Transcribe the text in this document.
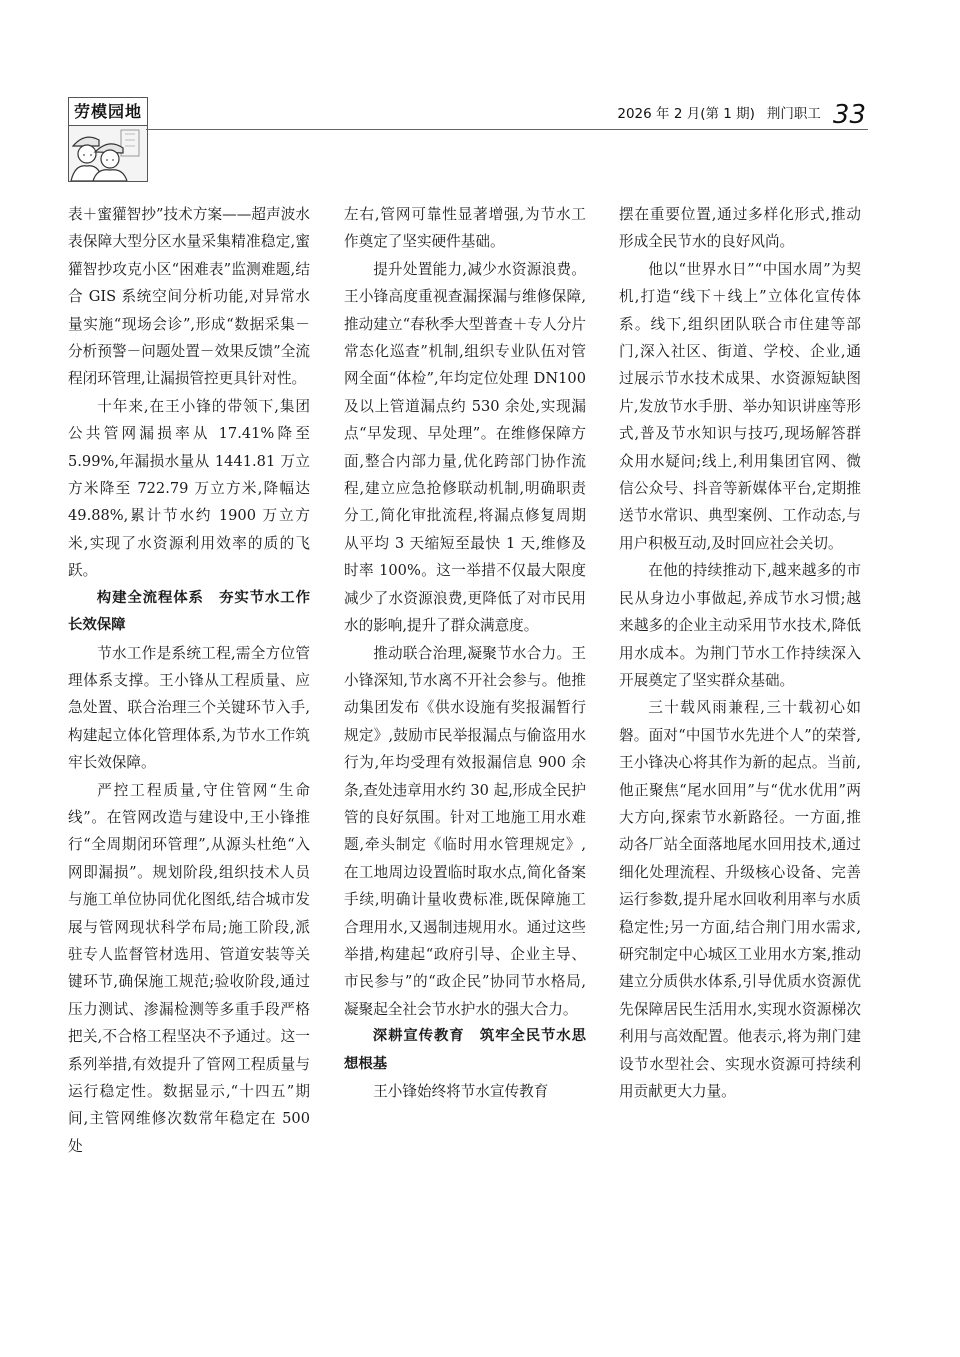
劳模园地	2026 年 2 月(第 1 期) 荆门职工 33

表＋蜜獾智抄”技术方案——超声波水表保障大型分区水量采集精准稳定,蜜獾智抄攻克小区“困难表”监测难题,结合 GIS 系统空间分析功能,对异常水量实施“现场会诊”,形成“数据采集－分析预警－问题处置－效果反馈”全流程闭环管理,让漏损管控更具针对性。

十年来,在王小锋的带领下,集团公共管网漏损率从 17.41%降至 5.99%,年漏损水量从 1441.81 万立方米降至 722.79 万立方米,降幅达 49.88%,累计节水约 1900 万立方米,实现了水资源利用效率的质的飞跃。

构建全流程体系　夯实节水工作长效保障

节水工作是系统工程,需全方位管理体系支撑。王小锋从工程质量、应急处置、联合治理三个关键环节入手,构建起立体化管理体系,为节水工作筑牢长效保障。

严控工程质量,守住管网“生命线”。在管网改造与建设中,王小锋推行“全周期闭环管理”,从源头杜绝“入网即漏损”。规划阶段,组织技术人员与施工单位协同优化图纸,结合城市发展与管网现状科学布局;施工阶段,派驻专人监督管材选用、管道安装等关键环节,确保施工规范;验收阶段,通过压力测试、渗漏检测等多重手段严格把关,不合格工程坚决不予通过。这一系列举措,有效提升了管网工程质量与运行稳定性。数据显示,“十四五”期间,主管网维修次数常年稳定在 500 处

左右,管网可靠性显著增强,为节水工作奠定了坚实硬件基础。

提升处置能力,减少水资源浪费。王小锋高度重视查漏探漏与维修保障,推动建立“春秋季大型普查＋专人分片常态化巡查”机制,组织专业队伍对管网全面“体检”,年均定位处理 DN100 及以上管道漏点约 530 余处,实现漏点“早发现、早处理”。在维修保障方面,整合内部力量,优化跨部门协作流程,建立应急抢修联动机制,明确职责分工,简化审批流程,将漏点修复周期从平均 3 天缩短至最快 1 天,维修及时率 100%。这一举措不仅最大限度减少了水资源浪费,更降低了对市民用水的影响,提升了群众满意度。

推动联合治理,凝聚节水合力。王小锋深知,节水离不开社会参与。他推动集团发布《供水设施有奖报漏暂行规定》,鼓励市民举报漏点与偷盗用水行为,年均受理有效报漏信息 900 余条,查处违章用水约 30 起,形成全民护管的良好氛围。针对工地施工用水难题,牵头制定《临时用水管理规定》,在工地周边设置临时取水点,简化备案手续,明确计量收费标准,既保障施工合理用水,又遏制违规用水。通过这些举措,构建起“政府引导、企业主导、市民参与”的“政企民”协同节水格局,凝聚起全社会节水护水的强大合力。

深耕宣传教育　筑牢全民节水思想根基

王小锋始终将节水宣传教育

摆在重要位置,通过多样化形式,推动形成全民节水的良好风尚。

他以“世界水日”“中国水周”为契机,打造“线下＋线上”立体化宣传体系。线下,组织团队联合市住建等部门,深入社区、街道、学校、企业,通过展示节水技术成果、水资源短缺图片,发放节水手册、举办知识讲座等形式,普及节水知识与技巧,现场解答群众用水疑问;线上,利用集团官网、微信公众号、抖音等新媒体平台,定期推送节水常识、典型案例、工作动态,与用户积极互动,及时回应社会关切。

在他的持续推动下,越来越多的市民从身边小事做起,养成节水习惯;越来越多的企业主动采用节水技术,降低用水成本。为荆门节水工作持续深入开展奠定了坚实群众基础。

三十载风雨兼程,三十载初心如磐。面对“中国节水先进个人”的荣誉,王小锋决心将其作为新的起点。当前,他正聚焦“尾水回用”与“优水优用”两大方向,探索节水新路径。一方面,推动各厂站全面落地尾水回用技术,通过细化处理流程、升级核心设备、完善运行参数,提升尾水回收利用率与水质稳定性;另一方面,结合荆门用水需求,研究制定中心城区工业用水方案,推动建立分质供水体系,引导优质水资源优先保障居民生活用水,实现水资源梯次利用与高效配置。他表示,将为荆门建设节水型社会、实现水资源可持续利用贡献更大力量。
